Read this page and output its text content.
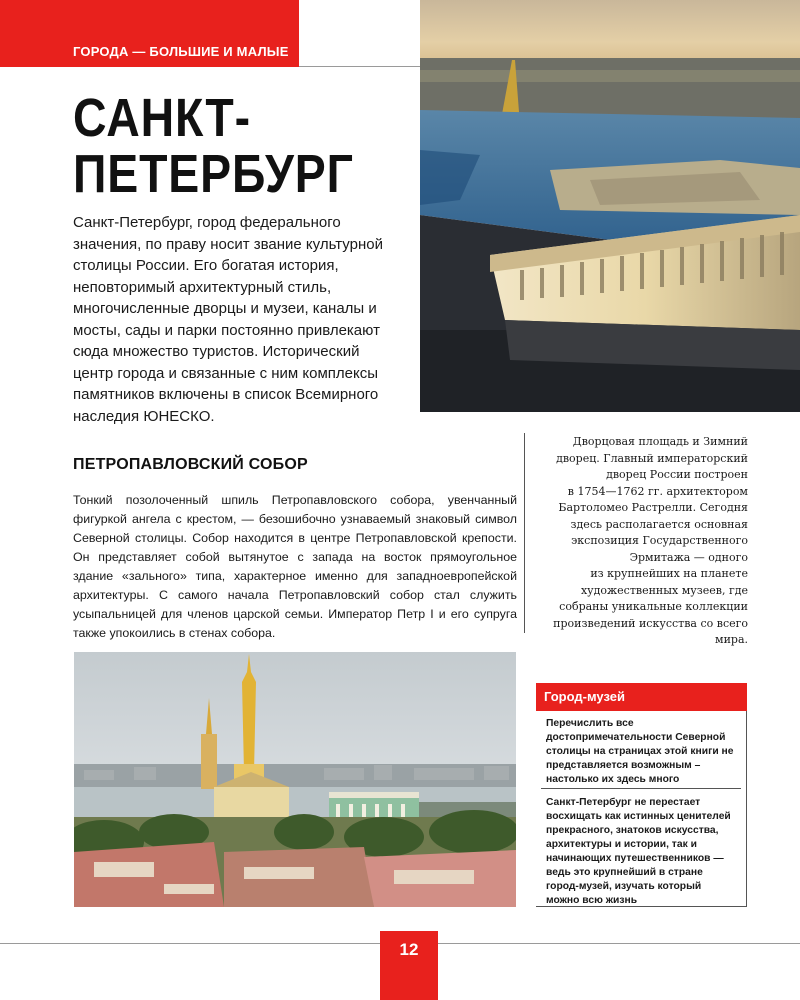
ГОРОДА — БОЛЬШИЕ И МАЛЫЕ
САНКТ-
ПЕТЕРБУРГ

Санкт-Петербург, город федерального значения, по праву носит звание культурной столицы России. Его богатая история, неповторимый архитектурный стиль, многочисленные дворцы и музеи, каналы и мосты, сады и парки постоянно привлекают сюда множество туристов. Исторический центр города и связанные с ним комплексы памятников включены в список Всемирного наследия ЮНЕСКО.

ПЕТРОПАВЛОВСКИЙ СОБОР

Тонкий позолоченный шпиль Петропавловского собора, увенчанный фигуркой ангела с крестом, — безошибочно узнаваемый знаковый символ Северной столицы. Собор находится в центре Петропавловской крепости. Он представляет собой вытянутое с запада на восток прямоугольное здание «зального» типа, характерное именно для западноевропейской архитектуры. С самого начала Петропавловский собор стал служить усыпальницей для членов царской семьи. Император Петр I и его супруга также упокоились в стенах собора.

Дворцовая площадь и Зимний
дворец. Главный императорский
дворец России построен
в 1754—1762 гг. архитектором
Бартоломео Растрелли. Сегодня
здесь располагается основная
экспозиция Государственного
Эрмитажа — одного
из крупнейших на планете
художественных музеев, где
собраны уникальные коллекции
произведений искусства со всего
мира.
Город-музей

Перечислить все достопримечательности Северной столицы на страницах этой книги не представляется возможным – настолько их здесь много

Санкт-Петербург не перестает восхищать как истинных ценителей прекрасного, знатоков искусства, архитектуры и истории, так и начинающих путешественников — ведь это крупнейший в стране город-музей, изучать который можно всю жизнь

12
